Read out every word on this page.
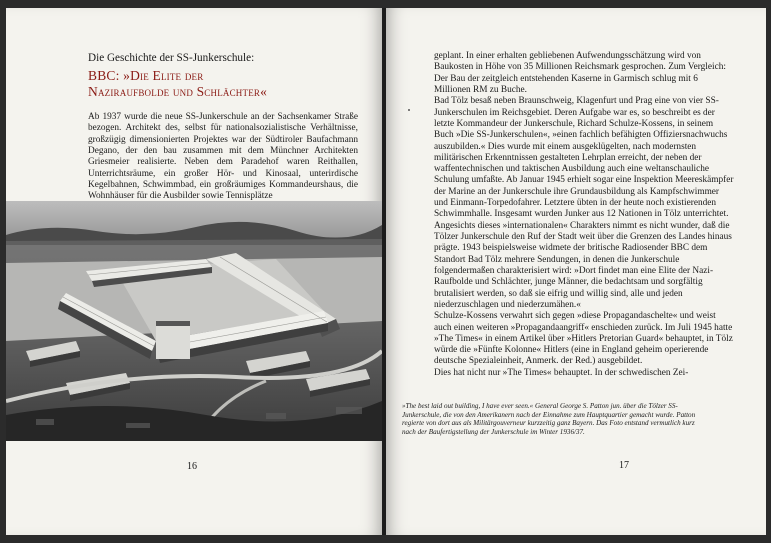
Die Geschichte der SS-Junkerschule:
BBC: »Die Elite der
Naziraufbolde und Schlächter«

Ab 1937 wurde die neue SS-Junkerschule an der Sachsenkamer Straße bezogen. Architekt des, selbst für nationalsozialistische Verhältnisse, großzügig dimensionierten Projektes war der Südtiroler Baufachmann Degano, der den bau zusammen mit dem Münchner Architekten Griesmeier realisierte. Neben dem Paradehof waren Reithallen, Unterrichtsräume, ein großer Hör- und Kinosaal, unterirdische Kegelbahnen, Schwimmbad, ein großräumiges Kommandeurshaus, die Wohnhäuser für die Ausbilder sowie Tennisplätze

16

geplant. In einer erhalten gebliebenen Aufwendungsschätzung wird von Baukosten in Höhe von 35 Millionen Reichsmark gesprochen. Zum Vergleich: Der Bau der zeitgleich entstehenden Kaserne in Garmisch schlug mit 6 Millionen RM zu Buche.

Bad Tölz besaß neben Braunschweig, Klagenfurt und Prag eine von vier SS-Junkerschulen im Reichsgebiet. Deren Aufgabe war es, so beschreibt es der letzte Kommandeur der Junkerschule, Richard Schulze-Kossens, in seinem Buch »Die SS-Junkerschulen«, »einen fachlich befähigten Offiziersnachwuchs auszubilden.« Dies wurde mit einem ausgeklügelten, nach modernsten militärischen Erkenntnissen gestalteten Lehrplan erreicht, der neben der waffentechnischen und taktischen Ausbildung auch eine weltanschauliche Schulung umfaßte. Ab Januar 1945 erhielt sogar eine Inspektion Meereskämpfer der Marine an der Junkerschule ihre Grundausbildung als Kampfschwimmer und Einmann-Torpedofahrer. Letztere übten in der heute noch existierenden Schwimmhalle. Insgesamt wurden Junker aus 12 Nationen in Tölz unterrichtet.

Angesichts dieses »internationalen« Charakters nimmt es nicht wunder, daß die Tölzer Junkerschule den Ruf der Stadt weit über die Grenzen des Landes hinaus prägte. 1943 beispielsweise widmete der britische Radiosender BBC dem Standort Bad Tölz mehrere Sendungen, in denen die Junkerschule folgendermaßen charakterisiert wird: »Dort findet man eine Elite der Nazi-Raufbolde und Schlächter, junge Männer, die bedachtsam und sorgfältig brutalisiert werden, so daß sie eifrig und willig sind, alle und jeden niederzuschlagen und niederzumähen.«

Schulze-Kossens verwahrt sich gegen »diese Propagandaschelte« und weist auch einen weiteren »Propagandaangriff« enschieden zurück. Im Juli 1945 hatte »The Times« in einem Artikel über »Hitlers Pretorian Guard« behauptet, in Tölz würde die »Fünfte Kolonne« Hitlers (eine in England geheim operierende deutsche Spezialeinheit, Anmerk. der Red.) ausgebildet.

Dies hat nicht nur »The Times« behauptet. In der schwedischen Zei-

»The best laid out building, I have ever seen.« General George S. Patton jun. über die Tölzer SS-Junkerschule, die von den Amerikanern nach der Einnahme zum Hauptquartier gemacht wurde. Patton regierte von dort aus als Militärgouverneur kurzzeitig ganz Bayern. Das Foto entstand vermutlich kurz nach der Baufertigstellung der Junkerschule im Winter 1936/37.

17
